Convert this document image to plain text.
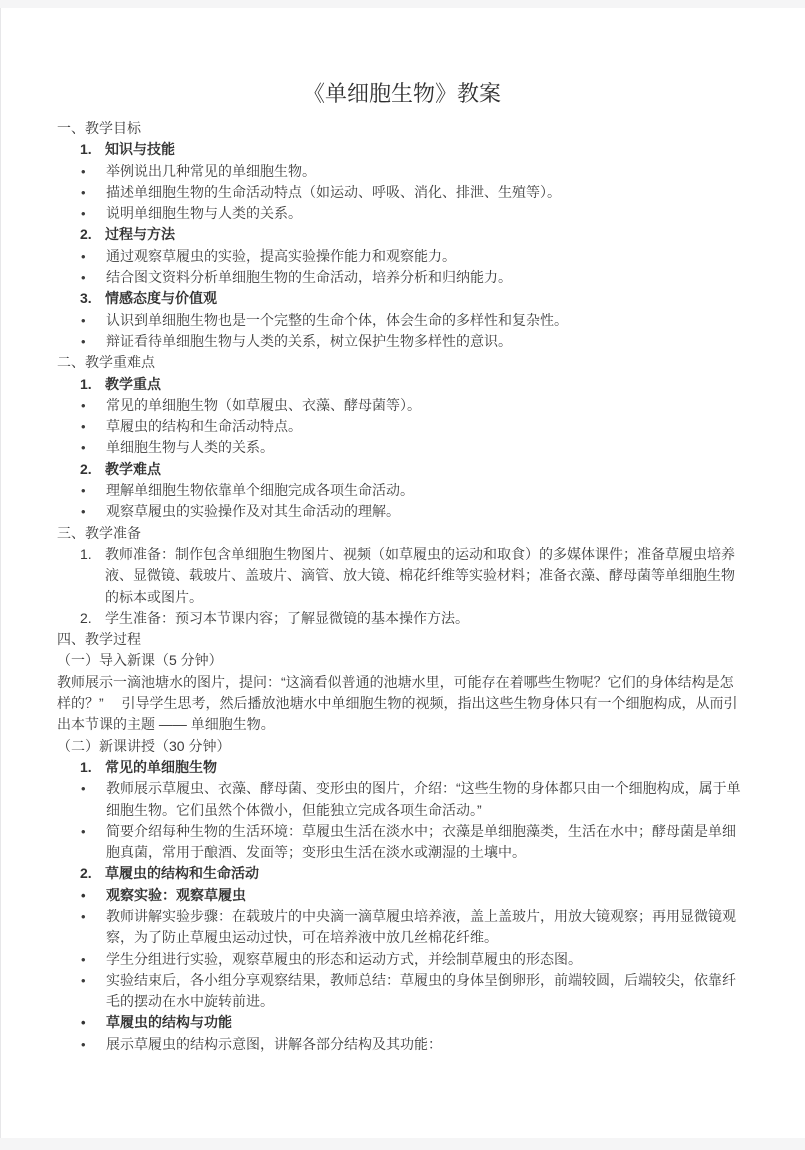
《单细胞生物》教案
一、教学目标
1. 知识与技能
•	举例说出几种常见的单细胞生物。
•	描述单细胞生物的生命活动特点（如运动、呼吸、消化、排泄、生殖等）。
•	说明单细胞生物与人类的关系。
2. 过程与方法
•	通过观察草履虫的实验，提高实验操作能力和观察能力。
•	结合图文资料分析单细胞生物的生命活动，培养分析和归纳能力。
3. 情感态度与价值观
•	认识到单细胞生物也是一个完整的生命个体，体会生命的多样性和复杂性。
•	辩证看待单细胞生物与人类的关系，树立保护生物多样性的意识。
二、教学重难点
1. 教学重点
•	常见的单细胞生物（如草履虫、衣藻、酵母菌等）。
•	草履虫的结构和生命活动特点。
•	单细胞生物与人类的关系。
2. 教学难点
•	理解单细胞生物依靠单个细胞完成各项生命活动。
•	观察草履虫的实验操作及对其生命活动的理解。
三、教学准备
1. 教师准备：制作包含单细胞生物图片、视频（如草履虫的运动和取食）的多媒体课件；准备草履虫培养液、显微镜、载玻片、盖玻片、滴管、放大镜、棉花纤维等实验材料；准备衣藻、酵母菌等单细胞生物的标本或图片。
2. 学生准备：预习本节课内容；了解显微镜的基本操作方法。
四、教学过程
（一）导入新课（5 分钟）
教师展示一滴池塘水的图片，提问：“这滴看似普通的池塘水里，可能存在着哪些生物呢？它们的身体结构是怎样的？”　 引导学生思考，然后播放池塘水中单细胞生物的视频，指出这些生物身体只有一个细胞构成，从而引出本节课的主题 —— 单细胞生物。
（二）新课讲授（30 分钟）
1. 常见的单细胞生物
•	教师展示草履虫、衣藻、酵母菌、变形虫的图片，介绍：“这些生物的身体都只由一个细胞构成，属于单细胞生物。它们虽然个体微小，但能独立完成各项生命活动。”
•	简要介绍每种生物的生活环境：草履虫生活在淡水中；衣藻是单细胞藻类，生活在水中；酵母菌是单细胞真菌，常用于酿酒、发面等；变形虫生活在淡水或潮湿的土壤中。
2. 草履虫的结构和生命活动
•	观察实验：观察草履虫
•	教师讲解实验步骤：在载玻片的中央滴一滴草履虫培养液，盖上盖玻片，用放大镜观察；再用显微镜观察，为了防止草履虫运动过快，可在培养液中放几丝棉花纤维。
•	学生分组进行实验，观察草履虫的形态和运动方式，并绘制草履虫的形态图。
•	实验结束后，各小组分享观察结果，教师总结：草履虫的身体呈倒卵形，前端较圆，后端较尖，依靠纤毛的摆动在水中旋转前进。
•	草履虫的结构与功能
•	展示草履虫的结构示意图，讲解各部分结构及其功能：
